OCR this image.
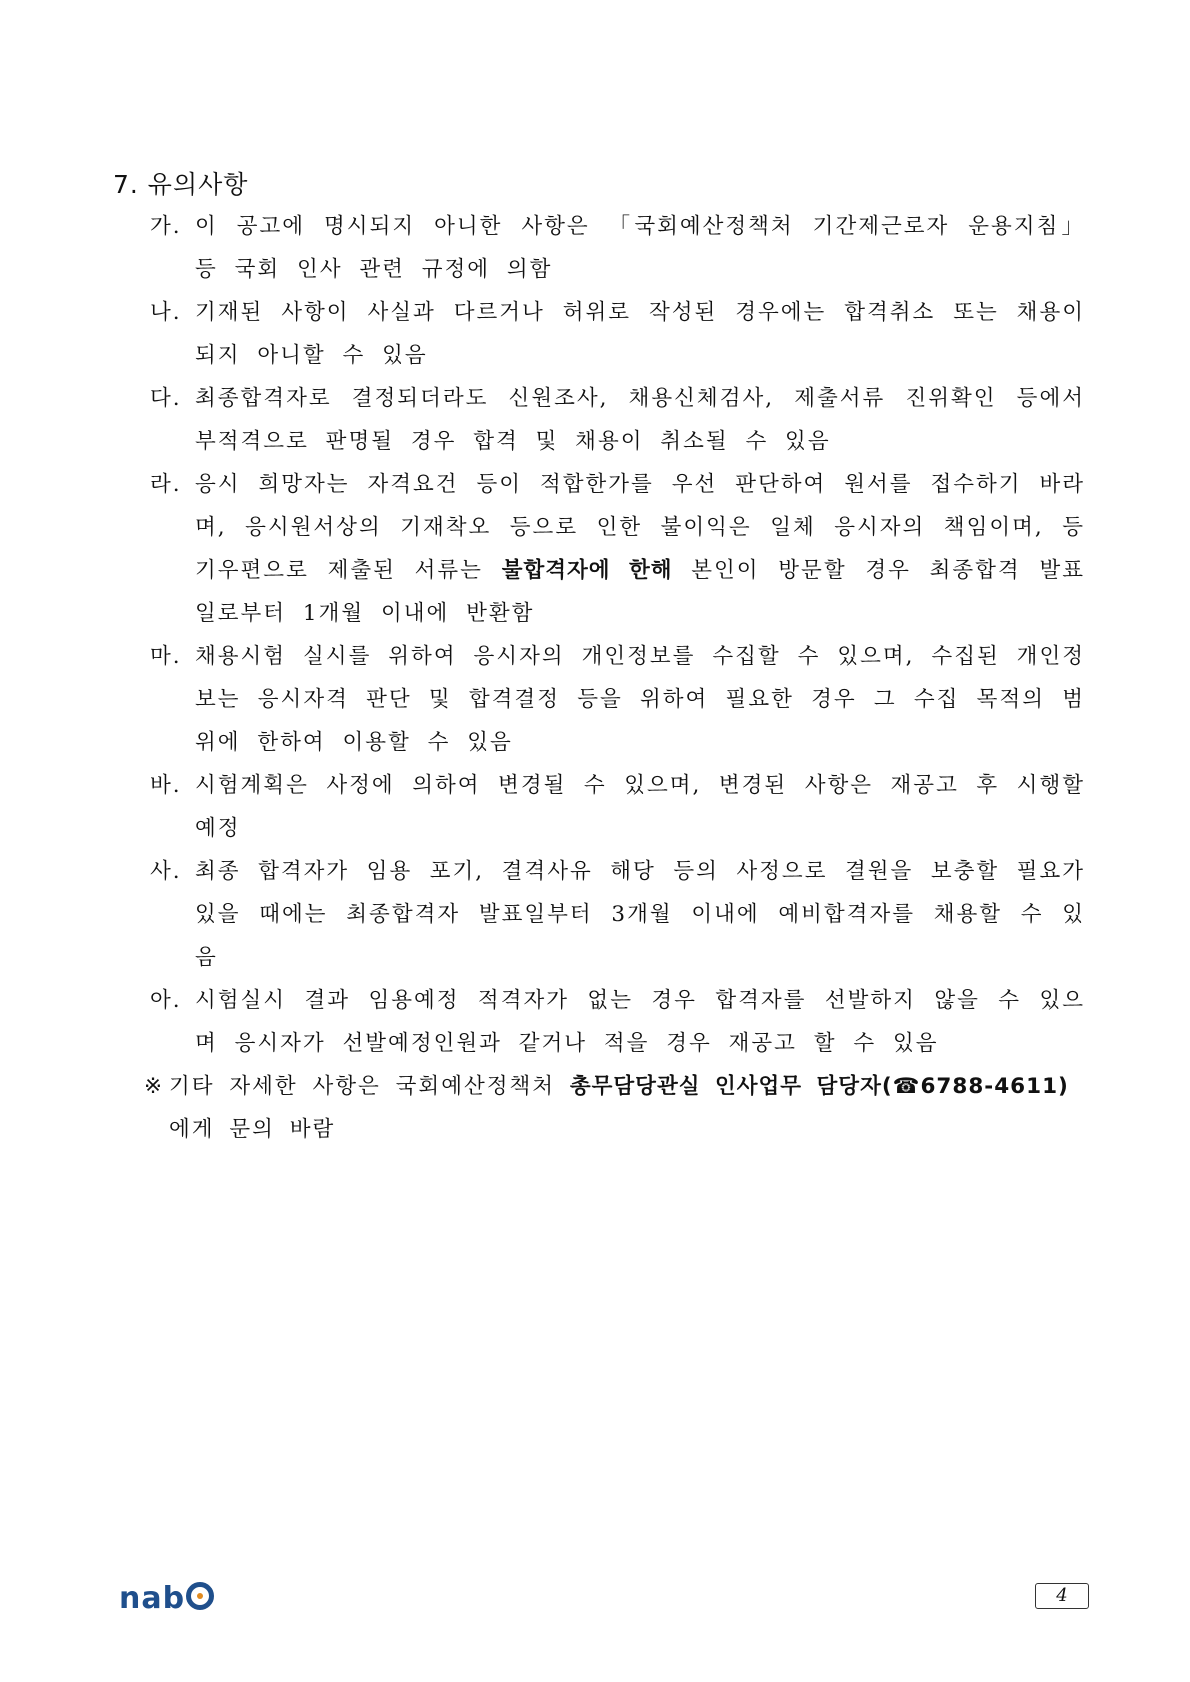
7. 유의사항
가. 이 공고에 명시되지 아니한 사항은 「국회예산정책처 기간제근로자 운용지침」 등 국회 인사 관련 규정에 의함
나. 기재된 사항이 사실과 다르거나 허위로 작성된 경우에는 합격취소 또는 채용이 되지 아니할 수 있음
다. 최종합격자로 결정되더라도 신원조사, 채용신체검사, 제출서류 진위확인 등에서 부적격으로 판명될 경우 합격 및 채용이 취소될 수 있음
라. 응시 희망자는 자격요건 등이 적합한가를 우선 판단하여 원서를 접수하기 바라며, 응시원서상의 기재착오 등으로 인한 불이익은 일체 응시자의 책임이며, 등기우편으로 제출된 서류는 불합격자에 한해 본인이 방문할 경우 최종합격 발표일로부터 1개월 이내에 반환함
마. 채용시험 실시를 위하여 응시자의 개인정보를 수집할 수 있으며, 수집된 개인정보는 응시자격 판단 및 합격결정 등을 위하여 필요한 경우 그 수집 목적의 범위에 한하여 이용할 수 있음
바. 시험계획은 사정에 의하여 변경될 수 있으며, 변경된 사항은 재공고 후 시행할 예정
사. 최종 합격자가 임용 포기, 결격사유 해당 등의 사정으로 결원을 보충할 필요가 있을 때에는 최종합격자 발표일부터 3개월 이내에 예비합격자를 채용할 수 있음
아. 시험실시 결과 임용예정 적격자가 없는 경우 합격자를 선발하지 않을 수 있으며 응시자가 선발예정인원과 같거나 적을 경우 재공고 할 수 있음
※ 기타 자세한 사항은 국회예산정책처 총무담당관실 인사업무 담당자(☎6788-4611)에게 문의 바람
nab	4
